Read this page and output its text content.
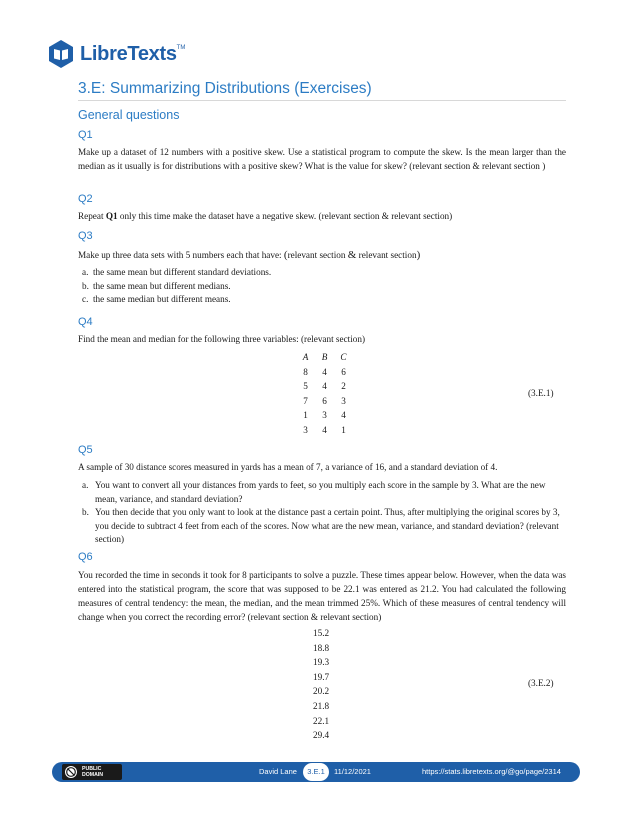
LibreTexts TM
3.E: Summarizing Distributions (Exercises)
General questions
Q1
Make up a dataset of 12 numbers with a positive skew. Use a statistical program to compute the skew. Is the mean larger than the median as it usually is for distributions with a positive skew? What is the value for skew? (relevant section & relevant section )
Q2
Repeat Q1 only this time make the dataset have a negative skew. (relevant section & relevant section)
Q3
Make up three data sets with 5 numbers each that have: (relevant section & relevant section)
a. the same mean but different standard deviations.
b. the same mean but different medians.
c. the same median but different means.
Q4
Find the mean and median for the following three variables: (relevant section)
A	B	C
8	4	6
5	4	2
7	6	3
1	3	4
3	4	1
(3.E.1)
Q5
A sample of 30 distance scores measured in yards has a mean of 7, a variance of 16, and a standard deviation of 4.
a. You want to convert all your distances from yards to feet, so you multiply each score in the sample by 3. What are the new mean, variance, and standard deviation?
b. You then decide that you only want to look at the distance past a certain point. Thus, after multiplying the original scores by 3, you decide to subtract 4 feet from each of the scores. Now what are the new mean, variance, and standard deviation? (relevant section)
Q6
You recorded the time in seconds it took for 8 participants to solve a puzzle. These times appear below. However, when the data was entered into the statistical program, the score that was supposed to be 22.1 was entered as 21.2. You had calculated the following measures of central tendency: the mean, the median, and the mean trimmed 25%. Which of these measures of central tendency will change when you correct the recording error? (relevant section & relevant section)
15.2
18.8
19.3
19.7
20.2
21.8
22.1
29.4
(3.E.2)
PUBLIC
DOMAIN	David Lane	3.E.1	11/12/2021	https://stats.libretexts.org/@go/page/2314
